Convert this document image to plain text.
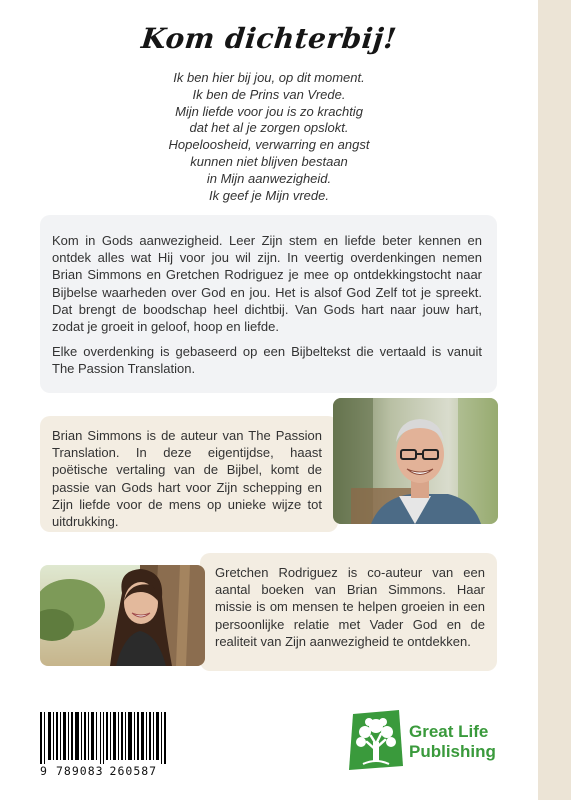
Kom dichterbij!
Ik ben hier bij jou, op dit moment.
Ik ben de Prins van Vrede.
Mijn liefde voor jou is zo krachtig
dat het al je zorgen opslokt.
Hopeloosheid, verwarring en angst
kunnen niet blijven bestaan
in Mijn aanwezigheid.
Ik geef je Mijn vrede.

Kom in Gods aanwezigheid. Leer Zijn stem en liefde beter kennen en ontdek alles wat Hij voor jou wil zijn. In veertig overdenkingen nemen Brian Simmons en Gretchen Rodriguez je mee op ontdekkingstocht naar Bijbelse waarheden over God en jou. Het is alsof God Zelf tot je spreekt. Dat brengt de boodschap heel dichtbij. Van Gods hart naar jouw hart, zodat je groeit in geloof, hoop en liefde.

Elke overdenking is gebaseerd op een Bijbeltekst die vertaald is vanuit The Passion Translation.

Brian Simmons is de auteur van The Passion Translation. In deze eigentijdse, haast poëtische vertaling van de Bijbel, komt de passie van Gods hart voor Zijn schepping en Zijn liefde voor de mens op unieke wijze tot uitdrukking.

Gretchen Rodriguez is co-auteur van een aantal boeken van Brian Simmons. Haar missie is om mensen te helpen groeien in een persoonlijke relatie met Vader God en de realiteit van Zijn aanwezigheid te ontdekken.

9 789083 260587
Great Life
Publishing
